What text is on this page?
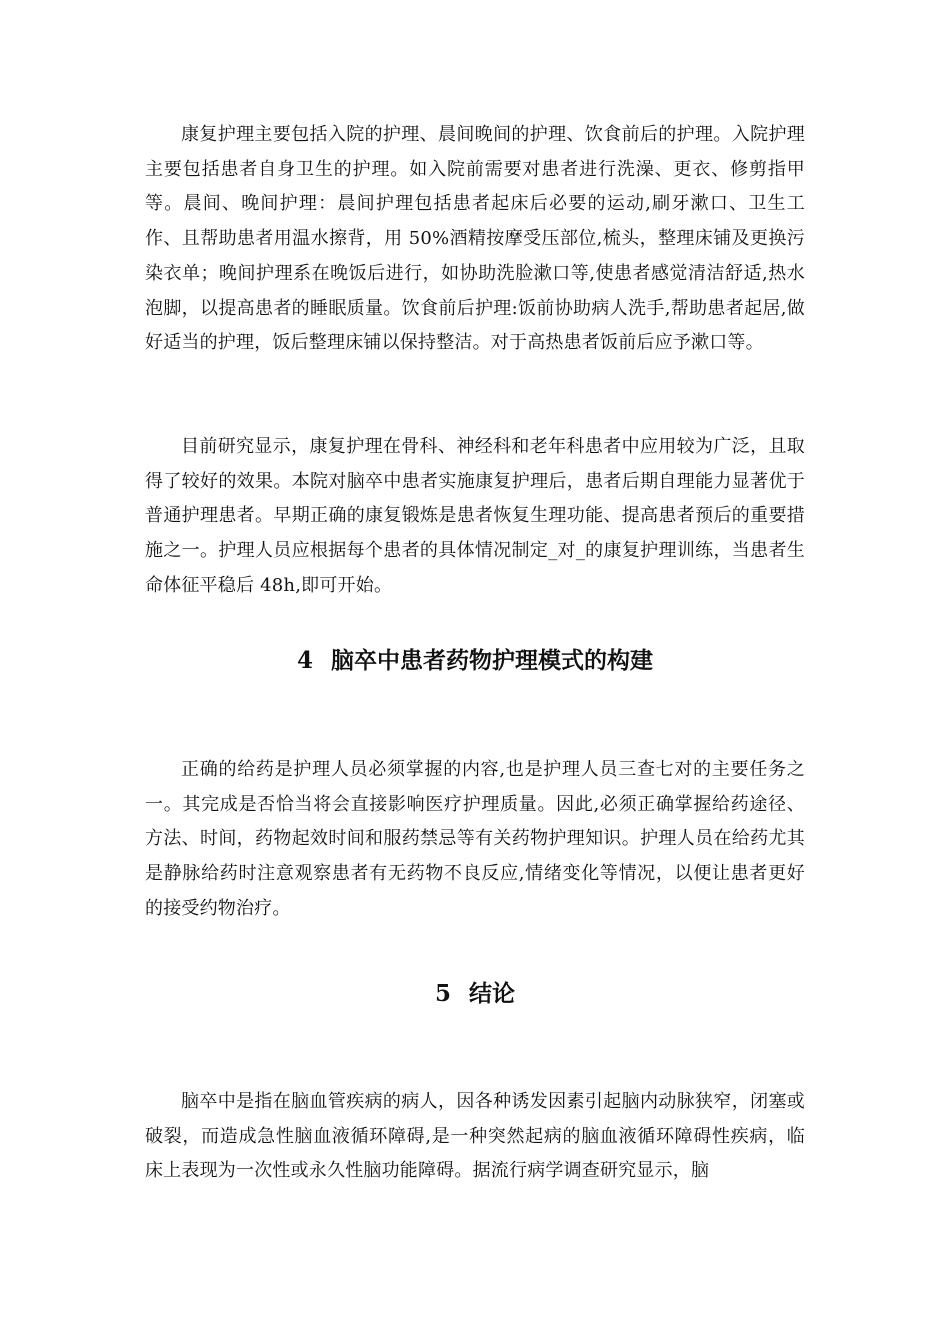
康复护理主要包括入院的护理、晨间晚间的护理、饮食前后的护理。入院护理主要包括患者自身卫生的护理。如入院前需要对患者进行洗澡、更衣、修剪指甲等。晨间、晚间护理：晨间护理包括患者起床后必要的运动,刷牙漱口、卫生工作、且帮助患者用温水擦背，用 50%酒精按摩受压部位,梳头，整理床铺及更换污染衣单；晚间护理系在晚饭后进行，如协助洗脸漱口等,使患者感觉清洁舒适,热水泡脚，以提高患者的睡眠质量。饮食前后护理:饭前协助病人洗手,帮助患者起居,做好适当的护理，饭后整理床铺以保持整洁。对于高热患者饭前后应予漱口等。

目前研究显示，康复护理在骨科、神经科和老年科患者中应用较为广泛，且取得了较好的效果。本院对脑卒中患者实施康复护理后，患者后期自理能力显著优于普通护理患者。早期正确的康复锻炼是患者恢复生理功能、提高患者预后的重要措施之一。护理人员应根据每个患者的具体情况制定_对_的康复护理训练，当患者生命体征平稳后 48h,即可开始。

4 脑卒中患者药物护理模式的构建

正确的给药是护理人员必须掌握的内容,也是护理人员三查七对的主要任务之一。其完成是否恰当将会直接影响医疗护理质量。因此,必须正确掌握给药途径、方法、时间，药物起效时间和服药禁忌等有关药物护理知识。护理人员在给药尤其是静脉给药时注意观察患者有无药物不良反应,情绪变化等情况，以便让患者更好的接受约物治疗。

5 结论

脑卒中是指在脑血管疾病的病人，因各种诱发因素引起脑内动脉狭窄，闭塞或破裂，而造成急性脑血液循环障碍,是一种突然起病的脑血液循环障碍性疾病，临床上表现为一次性或永久性脑功能障碍。据流行病学调查研究显示，脑
